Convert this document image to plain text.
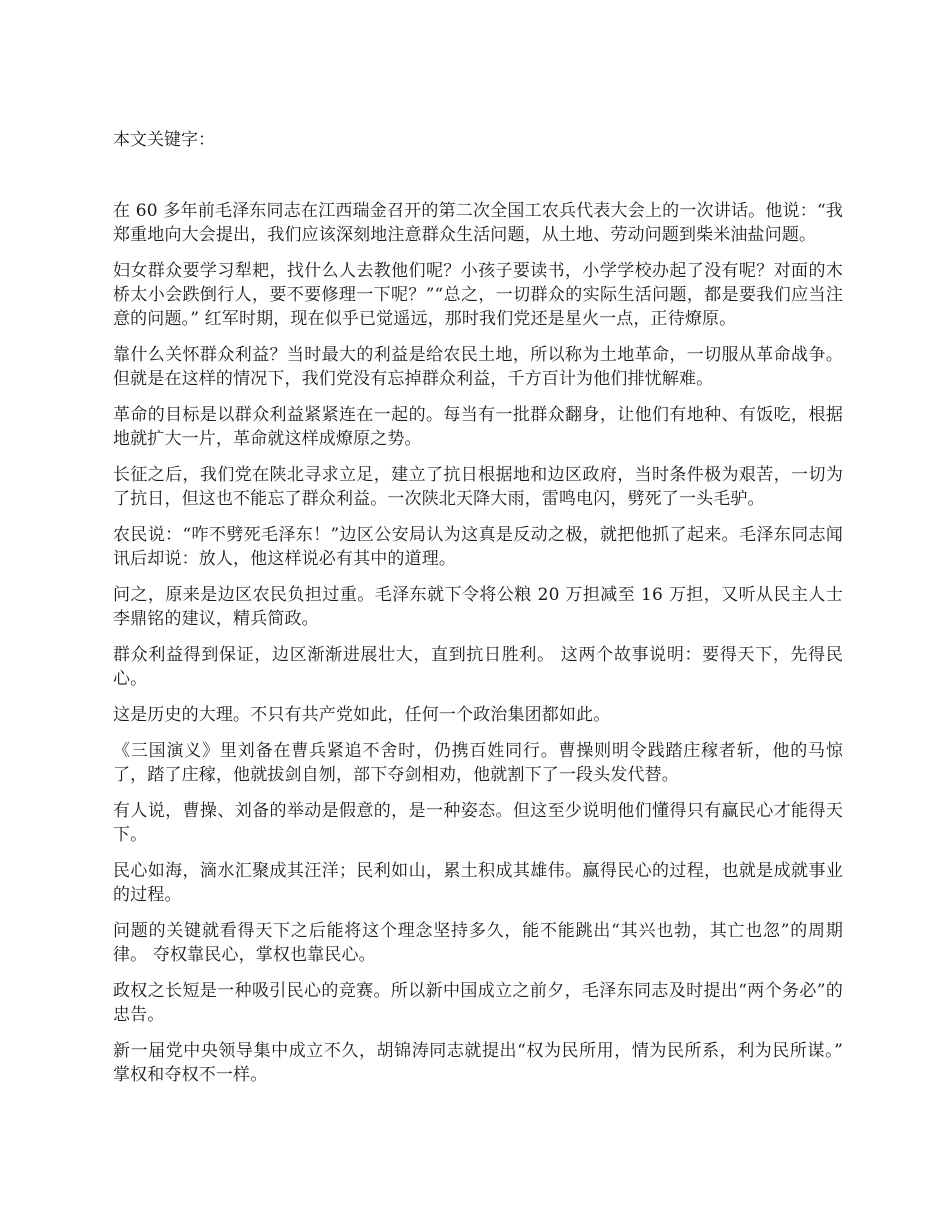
本文关键字：

在 60 多年前毛泽东同志在江西瑞金召开的第二次全国工农兵代表大会上的一次讲话。他说：“我郑重地向大会提出，我们应该深刻地注意群众生活问题，从土地、劳动问题到柴米油盐问题。

妇女群众要学习犁耙，找什么人去教他们呢？小孩子要读书，小学学校办起了没有呢？对面的木桥太小会跌倒行人，要不要修理一下呢？”“总之，一切群众的实际生活问题，都是要我们应当注意的问题。” 红军时期，现在似乎已觉遥远，那时我们党还是星火一点，正待燎原。

靠什么关怀群众利益？当时最大的利益是给农民土地，所以称为土地革命，一切服从革命战争。但就是在这样的情况下，我们党没有忘掉群众利益，千方百计为他们排忧解难。

革命的目标是以群众利益紧紧连在一起的。每当有一批群众翻身，让他们有地种、有饭吃，根据地就扩大一片，革命就这样成燎原之势。

长征之后，我们党在陕北寻求立足，建立了抗日根据地和边区政府，当时条件极为艰苦，一切为了抗日，但这也不能忘了群众利益。一次陕北天降大雨，雷鸣电闪，劈死了一头毛驴。

农民说：“咋不劈死毛泽东！”边区公安局认为这真是反动之极，就把他抓了起来。毛泽东同志闻讯后却说：放人，他这样说必有其中的道理。

问之，原来是边区农民负担过重。毛泽东就下令将公粮 20 万担减至 16 万担，又听从民主人士李鼎铭的建议，精兵简政。

群众利益得到保证，边区渐渐进展壮大，直到抗日胜利。 这两个故事说明：要得天下，先得民心。

这是历史的大理。不只有共产党如此，任何一个政治集团都如此。

《三国演义》里刘备在曹兵紧追不舍时，仍携百姓同行。曹操则明令践踏庄稼者斩，他的马惊了，踏了庄稼，他就拔剑自刎，部下夺剑相劝，他就割下了一段头发代替。

有人说，曹操、刘备的举动是假意的，是一种姿态。但这至少说明他们懂得只有赢民心才能得天下。

民心如海，滴水汇聚成其汪洋；民利如山，累土积成其雄伟。赢得民心的过程，也就是成就事业的过程。

问题的关键就看得天下之后能将这个理念坚持多久，能不能跳出“其兴也勃，其亡也忽”的周期律。 夺权靠民心，掌权也靠民心。

政权之长短是一种吸引民心的竞赛。所以新中国成立之前夕，毛泽东同志及时提出“两个务必”的忠告。

新一届党中央领导集中成立不久，胡锦涛同志就提出“权为民所用，情为民所系，利为民所谋。” 掌权和夺权不一样。
